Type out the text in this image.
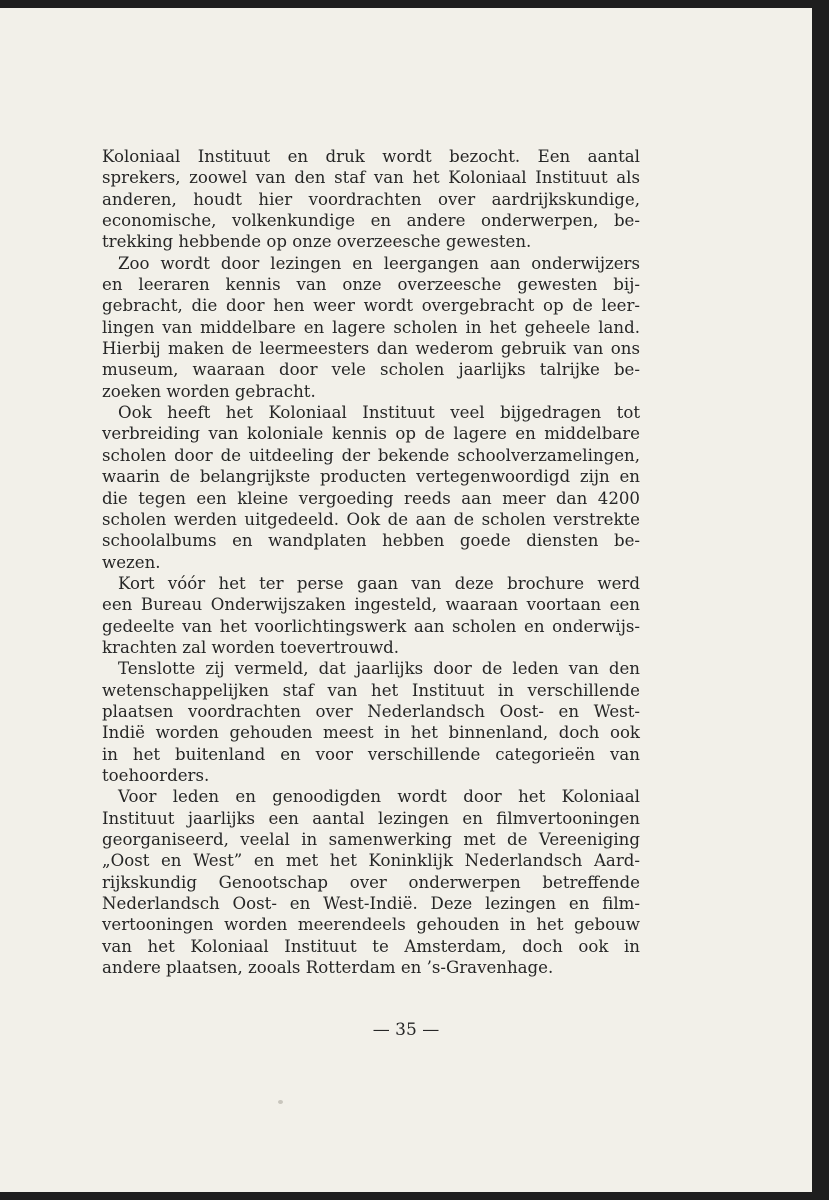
Koloniaal Instituut en druk wordt bezocht. Een aantal
sprekers, zoowel van den staf van het Koloniaal Instituut als
anderen, houdt hier voordrachten over aardrijkskundige,
economische, volkenkundige en andere onderwerpen, be-
trekking hebbende op onze overzeesche gewesten.
Zoo wordt door lezingen en leergangen aan onderwijzers
en leeraren kennis van onze overzeesche gewesten bij-
gebracht, die door hen weer wordt overgebracht op de leer-
lingen van middelbare en lagere scholen in het geheele land.
Hierbij maken de leermeesters dan wederom gebruik van ons
museum, waaraan door vele scholen jaarlijks talrijke be-
zoeken worden gebracht.
Ook heeft het Koloniaal Instituut veel bijgedragen tot
verbreiding van koloniale kennis op de lagere en middelbare
scholen door de uitdeeling der bekende schoolverzamelingen,
waarin de belangrijkste producten vertegenwoordigd zijn en
die tegen een kleine vergoeding reeds aan meer dan 4200
scholen werden uitgedeeld. Ook de aan de scholen verstrekte
schoolalbums en wandplaten hebben goede diensten be-
wezen.
Kort vóór het ter perse gaan van deze brochure werd
een Bureau Onderwijszaken ingesteld, waaraan voortaan een
gedeelte van het voorlichtingswerk aan scholen en onderwijs-
krachten zal worden toevertrouwd.
Tenslotte zij vermeld, dat jaarlijks door de leden van den
wetenschappelijken staf van het Instituut in verschillende
plaatsen voordrachten over Nederlandsch Oost- en West-
Indië worden gehouden meest in het binnenland, doch ook
in het buitenland en voor verschillende categorieën van
toehoorders.
Voor leden en genoodigden wordt door het Koloniaal
Instituut jaarlijks een aantal lezingen en filmvertooningen
georganiseerd, veelal in samenwerking met de Vereeniging
„Oost en West” en met het Koninklijk Nederlandsch Aard-
rijkskundig Genootschap over onderwerpen betreffende
Nederlandsch Oost- en West-Indië. Deze lezingen en film-
vertooningen worden meerendeels gehouden in het gebouw
van het Koloniaal Instituut te Amsterdam, doch ook in
andere plaatsen, zooals Rotterdam en ’s-Gravenhage.
— 35 —
